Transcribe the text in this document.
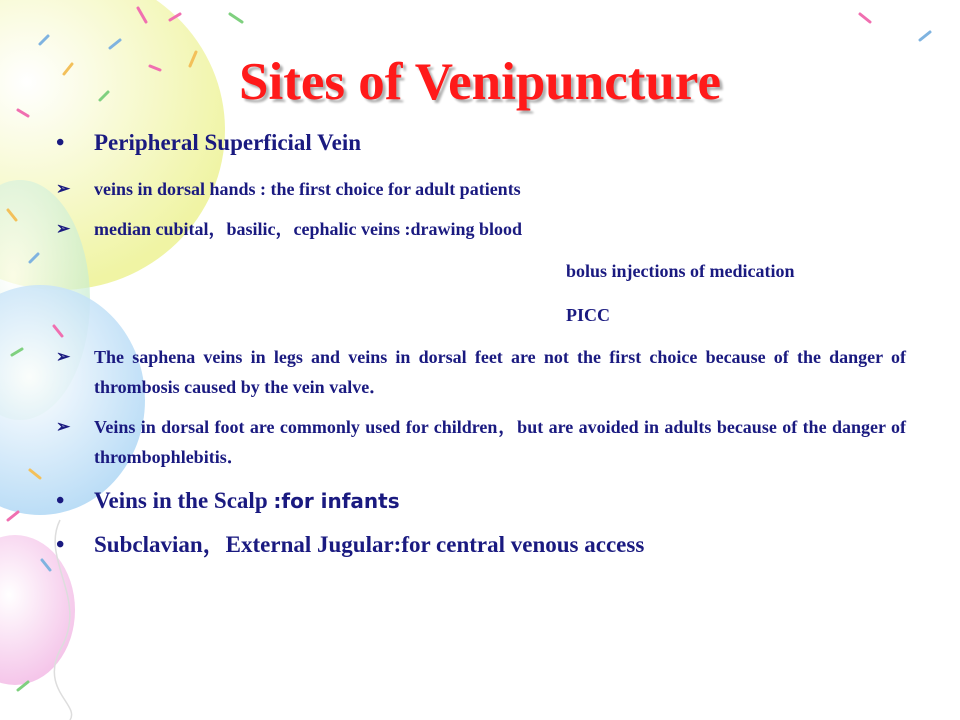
Sites of Venipuncture
• Peripheral Superficial Vein
➢ veins in dorsal hands : the first choice for adult patients
➢ median cubital，basilic，cephalic veins :drawing blood
bolus injections of medication
PICC
➢ The saphena veins in legs and veins in dorsal feet are not the first choice because of the danger of thrombosis caused by the vein valve．
➢ Veins in dorsal foot are commonly used for children，but are avoided in adults because of the danger of thrombophlebitis．
• Veins in the Scalp :for infants
• Subclavian，External Jugular:for central venous access
